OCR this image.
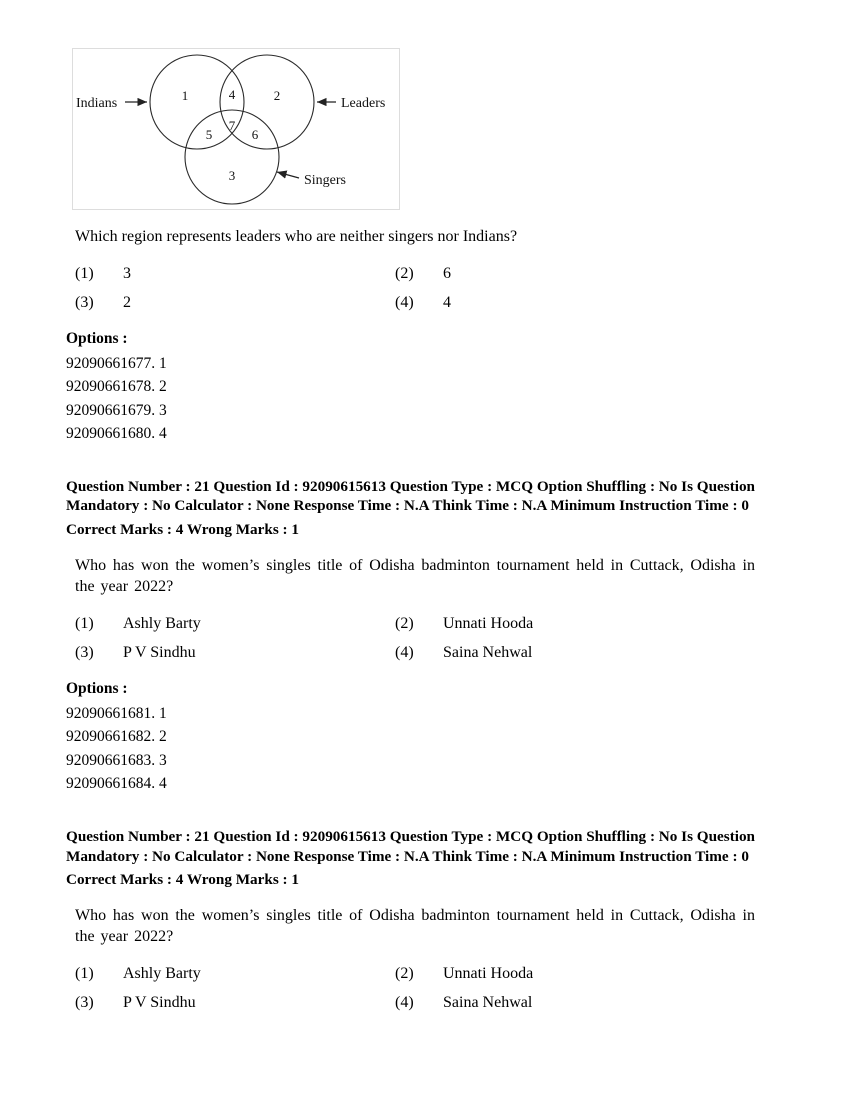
1	2
3
4
5	6
7
Indians	Leaders
Singers
Which region represents leaders who are neither singers nor Indians?
(1)	3	(2)	6
(3)	2	(4)	4
Options :
92090661677. 1
92090661678. 2
92090661679. 3
92090661680. 4
Question Number : 21 Question Id : 92090615613 Question Type : MCQ Option Shuffling : No Is Question Mandatory : No Calculator : None Response Time : N.A Think Time : N.A Minimum Instruction Time : 0
Correct Marks : 4 Wrong Marks : 1
Who has won the women’s singles title of Odisha badminton tournament held in Cuttack, Odisha in the year 2022?
(1)	Ashly Barty	(2)	Unnati Hooda
(3)	P V Sindhu	(4)	Saina Nehwal
Options :
92090661681. 1
92090661682. 2
92090661683. 3
92090661684. 4
Question Number : 21 Question Id : 92090615613 Question Type : MCQ Option Shuffling : No Is Question Mandatory : No Calculator : None Response Time : N.A Think Time : N.A Minimum Instruction Time : 0
Correct Marks : 4 Wrong Marks : 1
Who has won the women’s singles title of Odisha badminton tournament held in Cuttack, Odisha in the year 2022?
(1)	Ashly Barty	(2)	Unnati Hooda
(3)	P V Sindhu	(4)	Saina Nehwal
